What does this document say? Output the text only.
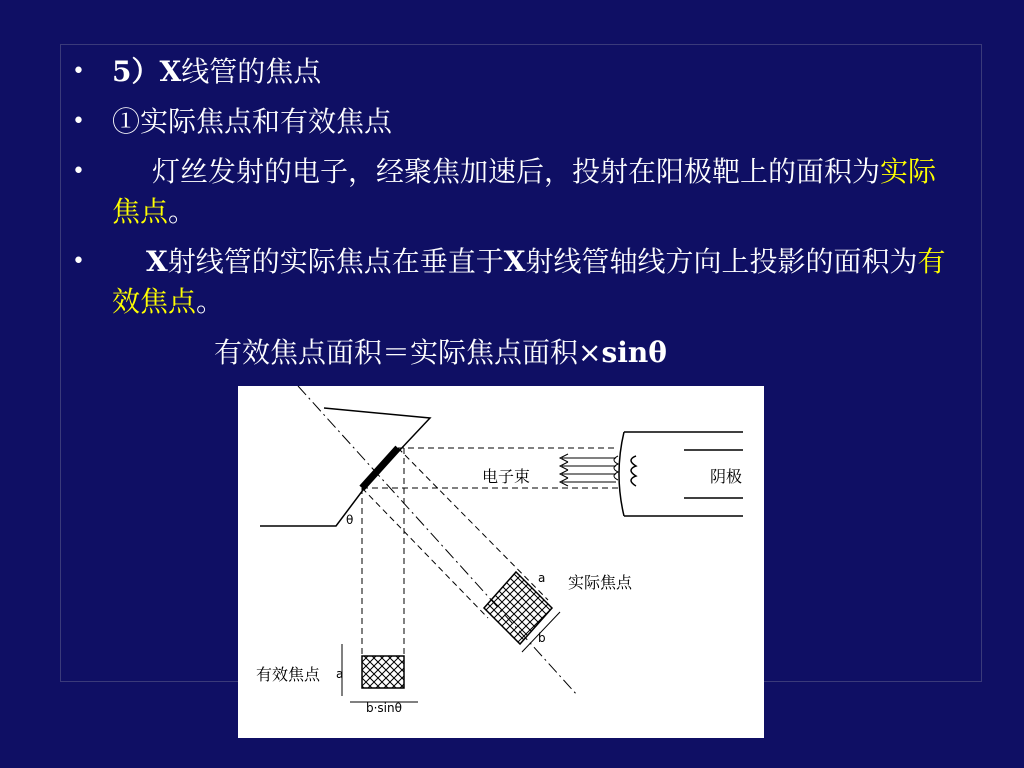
• 5）X线管的焦点
• ①实际焦点和有效焦点
• 灯丝发射的电子，经聚焦加速后，投射在阳极靶上的面积为实际焦点。
• X射线管的实际焦点在垂直于X射线管轴线方向上投影的面积为有效焦点。
有效焦点面积＝实际焦点面积×sinθ
电子束	阴极
实际焦点
有效焦点
θ
a
b
a
b·sinθ
